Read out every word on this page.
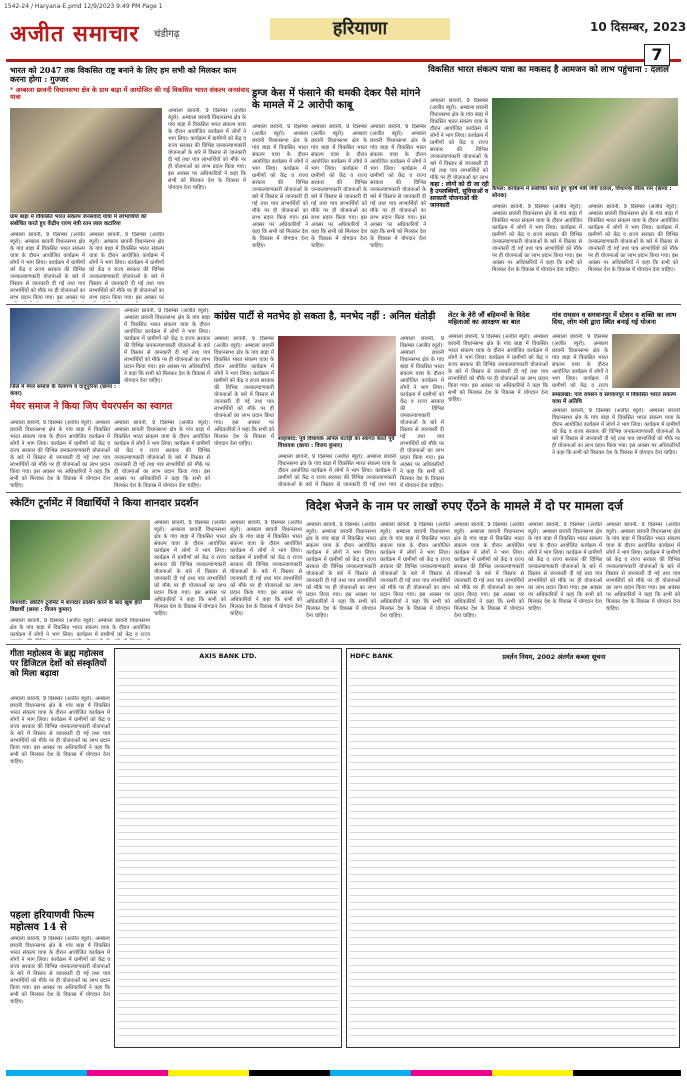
1542-24 / Haryana-E.pmd 12/9/2023 9:49 PM Page 1
अजीत समाचार चंडीगढ़	हरियाणा	10 दिसम्बर, 2023
7
भारत को 2047 तक विकसित राष्ट्र बनाने के लिए हम सभी को मिलकर काम करना होगा : गुज्जर
* अम्बाला छावनी विधानसभा क्षेत्र के ग्राम बाड़ा में आयोजित की गई विकसित भारत संकल्प जनसंवाद यात्रा
ग्राम बाड़ा में विकसित भारत संकल्प जनसंवाद यात्रा में लाभार्थियों को संबोधित करते हुए केंद्रीय राज्य मंत्री रतन लाल कटारिया
अम्बाला छावनी, 9 दिसम्बर (अजीत ब्यूरो): अम्बाला छावनी विधानसभा क्षेत्र के गांव बाड़ा में विकसित भारत संकल्प यात्रा के दौरान आयोजित कार्यक्रम में लोगों ने भाग लिया। कार्यक्रम में ग्रामीणों को केंद्र व राज्य सरकार की विभिन्न जनकल्याणकारी योजनाओं के बारे में विस्तार से जानकारी दी गई तथा पात्र लाभार्थियों को मौके पर ही योजनाओं का लाभ प्रदान किया गया। इस अवसर पर
अम्बाला छावनी, 9 दिसम्बर (अजीत ब्यूरो): अम्बाला छावनी विधानसभा क्षेत्र के गांव बाड़ा में विकसित भारत संकल्प यात्रा के दौरान आयोजित कार्यक्रम में लोगों ने भाग लिया। कार्यक्रम में ग्रामीणों को केंद्र व राज्य सरकार की विभिन्न जनकल्याणकारी योजनाओं के बारे में विस्तार से जानकारी दी गई तथा पात्र लाभार्थियों को मौके पर ही योजनाओं का लाभ प्रदान किया गया। इस अवसर पर
अम्बाला छावनी, 9 दिसम्बर (अजीत ब्यूरो): अम्बाला छावनी विधानसभा क्षेत्र के गांव बाड़ा में विकसित भारत संकल्प यात्रा के दौरान आयोजित कार्यक्रम में लोगों ने भाग लिया। कार्यक्रम में ग्रामीणों को केंद्र व राज्य सरकार की विभिन्न जनकल्याणकारी योजनाओं के बारे में विस्तार से जानकारी दी गई तथा पात्र लाभार्थियों को मौके पर ही योजनाओं का लाभ प्रदान किया गया। इस अवसर पर अधिकारियों ने कहा कि सभी को मिलकर देश के विकास में योगदान देना चाहिए।
ड्रग्ज केस में फंसाने की धमकी देकर पैसे मांगने के मामले में 2 आरोपी काबू
अम्बाला छावनी, 9 दिसम्बर (अजीत ब्यूरो): अम्बाला छावनी विधानसभा क्षेत्र के गांव बाड़ा में विकसित भारत संकल्प यात्रा के दौरान आयोजित कार्यक्रम में लोगों ने भाग लिया। कार्यक्रम में ग्रामीणों को केंद्र व राज्य सरकार की विभिन्न जनकल्याणकारी योजनाओं के बारे में विस्तार से जानकारी दी गई तथा पात्र लाभार्थियों को मौके पर ही योजनाओं का लाभ प्रदान किया गया। इस अवसर पर अधिकारियों ने कहा कि सभी को मिलकर देश के विकास में योगदान देना चाहिए।
अम्बाला छावनी, 9 दिसम्बर (अजीत ब्यूरो): अम्बाला छावनी विधानसभा क्षेत्र के गांव बाड़ा में विकसित भारत संकल्प यात्रा के दौरान आयोजित कार्यक्रम में लोगों ने भाग लिया। कार्यक्रम में ग्रामीणों को केंद्र व राज्य सरकार की विभिन्न जनकल्याणकारी योजनाओं के बारे में विस्तार से जानकारी दी गई तथा पात्र लाभार्थियों को मौके पर ही योजनाओं का लाभ प्रदान किया गया। इस अवसर पर अधिकारियों ने कहा कि सभी को मिलकर देश के विकास में योगदान देना चाहिए।
अम्बाला छावनी, 9 दिसम्बर (अजीत ब्यूरो): अम्बाला छावनी विधानसभा क्षेत्र के गांव बाड़ा में विकसित भारत संकल्प यात्रा के दौरान आयोजित कार्यक्रम में लोगों ने भाग लिया। कार्यक्रम में ग्रामीणों को केंद्र व राज्य सरकार की विभिन्न जनकल्याणकारी योजनाओं के बारे में विस्तार से जानकारी दी गई तथा पात्र लाभार्थियों को मौके पर ही योजनाओं का लाभ प्रदान किया गया। इस अवसर पर अधिकारियों ने कहा कि सभी को मिलकर देश के विकास में योगदान देना चाहिए।
विकसित भारत संकल्प यात्रा का मकसद है आमजन को लाभ पहुंचाना : दलाल
अम्बाला छावनी, 9 दिसम्बर (अजीत ब्यूरो): अम्बाला छावनी विधानसभा क्षेत्र के गांव बाड़ा में विकसित भारत संकल्प यात्रा के दौरान आयोजित कार्यक्रम में लोगों ने भाग लिया। कार्यक्रम में ग्रामीणों को केंद्र व राज्य सरकार की विभिन्न जनकल्याणकारी योजनाओं के बारे में विस्तार से जानकारी दी गई तथा पात्र लाभार्थियों को मौके पर ही योजनाओं का लाभ
कैथल: कार्यक्रम में संबोधित करते हुए कृषि मंत्री जेपी दलाल, विधायक लीला राम (छाया : सोनक)
कहा : लोगों को दी जा रही है उपलब्धियों, सुविधाओं व सरकारी योजनाओं की जानकारी	अम्बाला छावनी, 9 दिसम्बर (अजीत ब्यूरो): अम्बाला छावनी विधानसभा क्षेत्र के गांव बाड़ा में विकसित भारत संकल्प यात्रा के दौरान आयोजित कार्यक्रम में लोगों ने भाग लिया। कार्यक्रम में ग्रामीणों को केंद्र व राज्य सरकार की विभिन्न जनकल्याणकारी योजनाओं के बारे में विस्तार से जानकारी दी गई तथा पात्र लाभार्थियों को मौके पर ही योजनाओं का लाभ प्रदान किया गया। इस अवसर पर अधिकारियों ने कहा कि सभी को मिलकर देश के विकास में योगदान देना चाहिए।
अम्बाला छावनी, 9 दिसम्बर (अजीत ब्यूरो): अम्बाला छावनी विधानसभा क्षेत्र के गांव बाड़ा में विकसित भारत संकल्प यात्रा के दौरान आयोजित कार्यक्रम में लोगों ने भाग लिया। कार्यक्रम में ग्रामीणों को केंद्र व राज्य सरकार की विभिन्न जनकल्याणकारी योजनाओं के बारे में विस्तार से जानकारी दी गई तथा पात्र लाभार्थियों को मौके पर ही योजनाओं का लाभ प्रदान किया गया। इस अवसर पर अधिकारियों ने कहा कि सभी को मिलकर देश के विकास में योगदान देना चाहिए।
जिले में मेयर समाज के नेतागण व दादूपुरिया (छाया : कंवर)
मेयर समाज ने किया जिप चेयरपर्सन का स्वागत
अम्बाला छावनी, 9 दिसम्बर (अजीत ब्यूरो): अम्बाला छावनी विधानसभा क्षेत्र के गांव बाड़ा में विकसित भारत संकल्प यात्रा के दौरान आयोजित कार्यक्रम में लोगों ने भाग लिया। कार्यक्रम में ग्रामीणों को केंद्र व राज्य सरकार की विभिन्न जनकल्याणकारी योजनाओं के बारे में विस्तार से जानकारी दी गई तथा पात्र लाभार्थियों को मौके पर ही योजनाओं का लाभ प्रदान किया गया। इस अवसर पर अधिकारियों ने कहा कि सभी को मिलकर देश के विकास में योगदान देना चाहिए।
अम्बाला छावनी, 9 दिसम्बर (अजीत ब्यूरो): अम्बाला छावनी विधानसभा क्षेत्र के गांव बाड़ा में विकसित भारत संकल्प यात्रा के दौरान आयोजित कार्यक्रम में लोगों ने भाग लिया। कार्यक्रम में ग्रामीणों को केंद्र व राज्य सरकार की विभिन्न जनकल्याणकारी योजनाओं के बारे में विस्तार से जानकारी दी गई तथा पात्र लाभार्थियों को मौके पर ही योजनाओं का लाभ प्रदान किया गया। इस अवसर पर अधिकारियों ने कहा कि सभी को मिलकर देश के विकास में योगदान देना चाहिए।
अम्बाला छावनी, 9 दिसम्बर (अजीत ब्यूरो): अम्बाला छावनी विधानसभा क्षेत्र के गांव बाड़ा में विकसित भारत संकल्प यात्रा के दौरान आयोजित कार्यक्रम में लोगों ने भाग लिया। कार्यक्रम में ग्रामीणों को केंद्र व राज्य सरकार की विभिन्न जनकल्याणकारी योजनाओं के बारे में विस्तार से जानकारी दी गई तथा पात्र लाभार्थियों को मौके पर ही योजनाओं का लाभ प्रदान किया गया। इस अवसर पर अधिकारियों ने कहा कि सभी को मिलकर देश के विकास में योगदान देना चाहिए।
कांग्रेस पार्टी से मतभेद हो सकता है, मनभेद नहीं : अनिल धंतोड़ी
अम्बाला छावनी, 9 दिसम्बर (अजीत ब्यूरो): अम्बाला छावनी विधानसभा क्षेत्र के गांव बाड़ा में विकसित भारत संकल्प यात्रा के दौरान आयोजित कार्यक्रम में लोगों ने भाग लिया। कार्यक्रम में ग्रामीणों को केंद्र व राज्य सरकार की विभिन्न जनकल्याणकारी योजनाओं के बारे में विस्तार से जानकारी दी गई तथा पात्र लाभार्थियों को मौके पर ही योजनाओं का लाभ प्रदान किया गया। इस अवसर पर अधिकारियों ने कहा कि सभी को मिलकर देश के विकास में योगदान देना चाहिए।
शाहाबाद: पूर्व विधायक अनिल धंतोड़ी का स्वागत करते पूर्व विधायक (छाया : विजय कुमार)
अम्बाला छावनी, 9 दिसम्बर (अजीत ब्यूरो): अम्बाला छावनी विधानसभा क्षेत्र के गांव बाड़ा में विकसित भारत संकल्प यात्रा के दौरान आयोजित कार्यक्रम में लोगों ने भाग लिया। कार्यक्रम में ग्रामीणों को केंद्र व राज्य सरकार की विभिन्न जनकल्याणकारी योजनाओं के बारे में विस्तार से जानकारी दी गई तथा पात्र
अम्बाला छावनी, 9 दिसम्बर (अजीत ब्यूरो): अम्बाला छावनी विधानसभा क्षेत्र के गांव बाड़ा में विकसित भारत संकल्प यात्रा के दौरान आयोजित कार्यक्रम में लोगों ने भाग लिया। कार्यक्रम में ग्रामीणों को केंद्र व राज्य सरकार की विभिन्न जनकल्याणकारी योजनाओं के बारे में विस्तार से जानकारी दी गई तथा पात्र लाभार्थियों को मौके पर ही योजनाओं का लाभ प्रदान किया गया। इस अवसर पर अधिकारियों ने कहा कि सभी को मिलकर देश के विकास में योगदान देना चाहिए।
लेटर के वेरी जौं बहिमन्यों के विदेश महिलाओं का आरक्षण का बात
अम्बाला छावनी, 9 दिसम्बर (अजीत ब्यूरो): अम्बाला छावनी विधानसभा क्षेत्र के गांव बाड़ा में विकसित भारत संकल्प यात्रा के दौरान आयोजित कार्यक्रम में लोगों ने भाग लिया। कार्यक्रम में ग्रामीणों को केंद्र व राज्य सरकार की विभिन्न जनकल्याणकारी योजनाओं के बारे में विस्तार से जानकारी दी गई तथा पात्र लाभार्थियों को मौके पर ही योजनाओं का लाभ प्रदान किया गया। इस अवसर पर अधिकारियों ने कहा कि सभी को मिलकर देश के विकास में योगदान देना चाहिए।
गांव रायसन व सगवानपुर में स्टेशन व शक्ति का लाभ दिया, लोग मंत्री द्वारा स्थित बनाई गई योजना
अम्बाला छावनी, 9 दिसम्बर (अजीत ब्यूरो): अम्बाला छावनी विधानसभा क्षेत्र के गांव बाड़ा में विकसित भारत संकल्प यात्रा के दौरान आयोजित कार्यक्रम में लोगों ने भाग लिया। कार्यक्रम में ग्रामीणों को केंद्र व राज्य
समालखा: गांव रायसन व सगवानपुर में विकसित भारत संकल्प यात्रा में अतिथि
अम्बाला छावनी, 9 दिसम्बर (अजीत ब्यूरो): अम्बाला छावनी विधानसभा क्षेत्र के गांव बाड़ा में विकसित भारत संकल्प यात्रा के दौरान आयोजित कार्यक्रम में लोगों ने भाग लिया। कार्यक्रम में ग्रामीणों को केंद्र व राज्य सरकार की विभिन्न जनकल्याणकारी योजनाओं के बारे में विस्तार से जानकारी दी गई तथा पात्र लाभार्थियों को मौके पर ही योजनाओं का लाभ प्रदान किया गया। इस अवसर पर अधिकारियों ने कहा कि सभी को मिलकर देश के विकास में योगदान देना चाहिए।
स्केटिंग टूर्नामेंट में विद्यार्थियों ने किया शानदार प्रदर्शन
जगाधरी: स्केटिंग टूर्नामेंट में शानदार प्रदर्शन करने के बाद खुश होते विद्यार्थी (छाया : विजय कुमार)
अम्बाला छावनी, 9 दिसम्बर (अजीत ब्यूरो): अम्बाला छावनी विधानसभा क्षेत्र के गांव बाड़ा में विकसित भारत संकल्प यात्रा के दौरान आयोजित कार्यक्रम में लोगों ने भाग लिया। कार्यक्रम में ग्रामीणों को केंद्र व राज्य
अम्बाला छावनी, 9 दिसम्बर (अजीत ब्यूरो): अम्बाला छावनी विधानसभा क्षेत्र के गांव बाड़ा में विकसित भारत संकल्प यात्रा के दौरान आयोजित कार्यक्रम में लोगों ने भाग लिया। कार्यक्रम में ग्रामीणों को केंद्र व राज्य सरकार की विभिन्न जनकल्याणकारी योजनाओं के बारे में विस्तार से जानकारी दी गई तथा पात्र लाभार्थियों को मौके पर ही योजनाओं का लाभ प्रदान किया गया। इस अवसर पर अधिकारियों ने कहा कि सभी को मिलकर देश के विकास में योगदान देना चाहिए।
अम्बाला छावनी, 9 दिसम्बर (अजीत ब्यूरो): अम्बाला छावनी विधानसभा क्षेत्र के गांव बाड़ा में विकसित भारत संकल्प यात्रा के दौरान आयोजित कार्यक्रम में लोगों ने भाग लिया। कार्यक्रम में ग्रामीणों को केंद्र व राज्य सरकार की विभिन्न जनकल्याणकारी योजनाओं के बारे में विस्तार से जानकारी दी गई तथा पात्र लाभार्थियों को मौके पर ही योजनाओं का लाभ प्रदान किया गया। इस अवसर पर अधिकारियों ने कहा कि सभी को मिलकर देश के विकास में योगदान देना चाहिए।
विदेश भेजने के नाम पर लाखों रुपए ऐंठने के मामले में दो पर मामला दर्ज
अम्बाला छावनी, 9 दिसम्बर (अजीत ब्यूरो): अम्बाला छावनी विधानसभा क्षेत्र के गांव बाड़ा में विकसित भारत संकल्प यात्रा के दौरान आयोजित कार्यक्रम में लोगों ने भाग लिया। कार्यक्रम में ग्रामीणों को केंद्र व राज्य सरकार की विभिन्न जनकल्याणकारी योजनाओं के बारे में विस्तार से जानकारी दी गई तथा पात्र लाभार्थियों को मौके पर ही योजनाओं का लाभ प्रदान किया गया। इस अवसर पर अधिकारियों ने कहा कि सभी को मिलकर देश के विकास में योगदान देना चाहिए।
अम्बाला छावनी, 9 दिसम्बर (अजीत ब्यूरो): अम्बाला छावनी विधानसभा क्षेत्र के गांव बाड़ा में विकसित भारत संकल्प यात्रा के दौरान आयोजित कार्यक्रम में लोगों ने भाग लिया। कार्यक्रम में ग्रामीणों को केंद्र व राज्य सरकार की विभिन्न जनकल्याणकारी योजनाओं के बारे में विस्तार से जानकारी दी गई तथा पात्र लाभार्थियों को मौके पर ही योजनाओं का लाभ प्रदान किया गया। इस अवसर पर अधिकारियों ने कहा कि सभी को मिलकर देश के विकास में योगदान देना चाहिए।
अम्बाला छावनी, 9 दिसम्बर (अजीत ब्यूरो): अम्बाला छावनी विधानसभा क्षेत्र के गांव बाड़ा में विकसित भारत संकल्प यात्रा के दौरान आयोजित कार्यक्रम में लोगों ने भाग लिया। कार्यक्रम में ग्रामीणों को केंद्र व राज्य सरकार की विभिन्न जनकल्याणकारी योजनाओं के बारे में विस्तार से जानकारी दी गई तथा पात्र लाभार्थियों को मौके पर ही योजनाओं का लाभ प्रदान किया गया। इस अवसर पर अधिकारियों ने कहा कि सभी को मिलकर देश के विकास में योगदान देना चाहिए।
अम्बाला छावनी, 9 दिसम्बर (अजीत ब्यूरो): अम्बाला छावनी विधानसभा क्षेत्र के गांव बाड़ा में विकसित भारत संकल्प यात्रा के दौरान आयोजित कार्यक्रम में लोगों ने भाग लिया। कार्यक्रम में ग्रामीणों को केंद्र व राज्य सरकार की विभिन्न जनकल्याणकारी योजनाओं के बारे में विस्तार से जानकारी दी गई तथा पात्र लाभार्थियों को मौके पर ही योजनाओं का लाभ प्रदान किया गया। इस अवसर पर अधिकारियों ने कहा कि सभी को मिलकर देश के विकास में योगदान देना चाहिए।
अम्बाला छावनी, 9 दिसम्बर (अजीत ब्यूरो): अम्बाला छावनी विधानसभा क्षेत्र के गांव बाड़ा में विकसित भारत संकल्प यात्रा के दौरान आयोजित कार्यक्रम में लोगों ने भाग लिया। कार्यक्रम में ग्रामीणों को केंद्र व राज्य सरकार की विभिन्न जनकल्याणकारी योजनाओं के बारे में विस्तार से जानकारी दी गई तथा पात्र लाभार्थियों को मौके पर ही योजनाओं का लाभ प्रदान किया गया। इस अवसर पर अधिकारियों ने कहा कि सभी को मिलकर देश के विकास में योगदान देना चाहिए।
गीता महोत्सव के ब्रह्म महोत्सव पर डिजिटल देशों को संस्कृतियों को मिला बढ़ावा
अम्बाला छावनी, 9 दिसम्बर (अजीत ब्यूरो): अम्बाला छावनी विधानसभा क्षेत्र के गांव बाड़ा में विकसित भारत संकल्प यात्रा के दौरान आयोजित कार्यक्रम में लोगों ने भाग लिया। कार्यक्रम में ग्रामीणों को केंद्र व राज्य सरकार की विभिन्न जनकल्याणकारी योजनाओं के बारे में विस्तार से जानकारी दी गई तथा पात्र लाभार्थियों को मौके पर ही योजनाओं का लाभ प्रदान किया गया। इस अवसर पर अधिकारियों ने कहा कि सभी को मिलकर देश के विकास में योगदान देना चाहिए।
पहला हरियाणवी फिल्म महोत्सव 14 से
अम्बाला छावनी, 9 दिसम्बर (अजीत ब्यूरो): अम्बाला छावनी विधानसभा क्षेत्र के गांव बाड़ा में विकसित भारत संकल्प यात्रा के दौरान आयोजित कार्यक्रम में लोगों ने भाग लिया। कार्यक्रम में ग्रामीणों को केंद्र व राज्य सरकार की विभिन्न जनकल्याणकारी योजनाओं के बारे में विस्तार से जानकारी दी गई तथा पात्र लाभार्थियों को मौके पर ही योजनाओं का लाभ प्रदान किया गया। इस अवसर पर अधिकारियों ने कहा कि सभी को मिलकर देश के विकास में योगदान देना चाहिए।
AXIS BANK LTD.	HDFC BANK	प्रवर्तन नियम, 2002 अंतर्गत कब्जा सूचना
